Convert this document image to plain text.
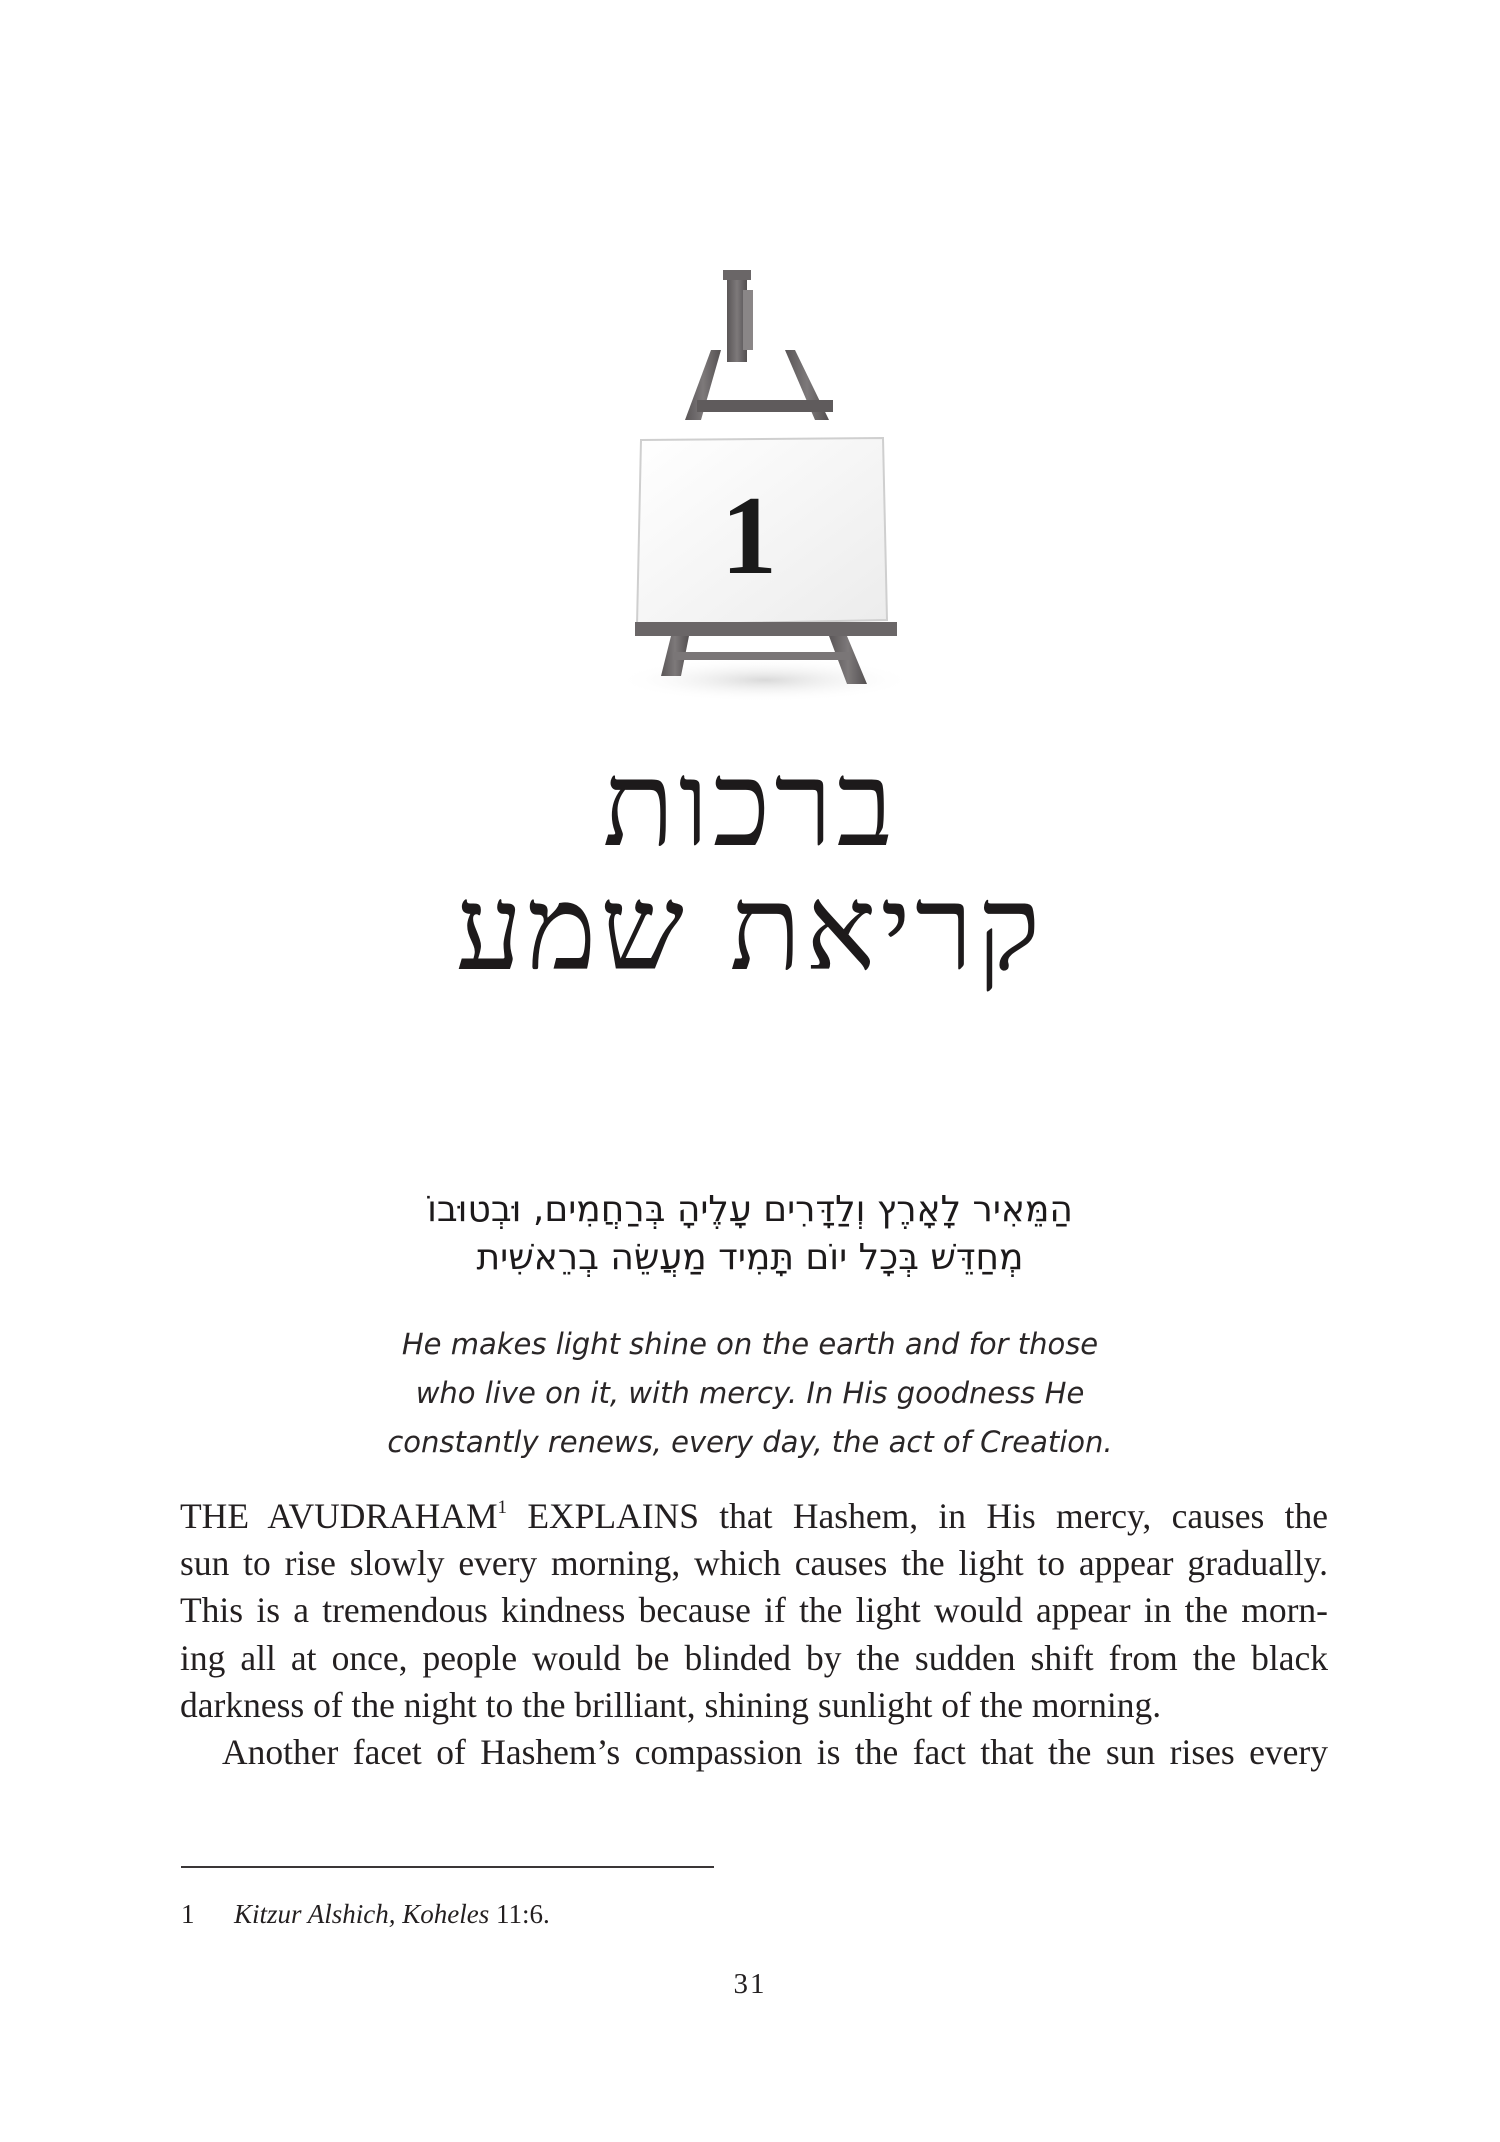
1
ברכות
קריאת שמע
הַמֵּאִיר לָאָרֶץ וְלַדָּרִים עָלֶיהָ בְּרַחֲמִים, וּבְטוּבוֹ
מְחַדֵּשׁ בְּכָל יוֹם תָּמִיד מַעֲשֵׂה בְרֵאשִׁית
He makes light shine on the earth and for those
who live on it, with mercy. In His goodness He
constantly renews, every day, the act of Creation.
THE AVUDRAHAM$^1$ EXPLAINS that Hashem, in His mercy, causes the
sun to rise slowly every morning, which causes the light to appear gradually.
This is a tremendous kindness because if the light would appear in the morn-
ing all at once, people would be blinded by the sudden shift from the black
darkness of the night to the brilliant, shining sunlight of the morning.
Another facet of Hashem’s compassion is the fact that the sun rises every
1 Kitzur Alshich, Koheles 11:6.
31
